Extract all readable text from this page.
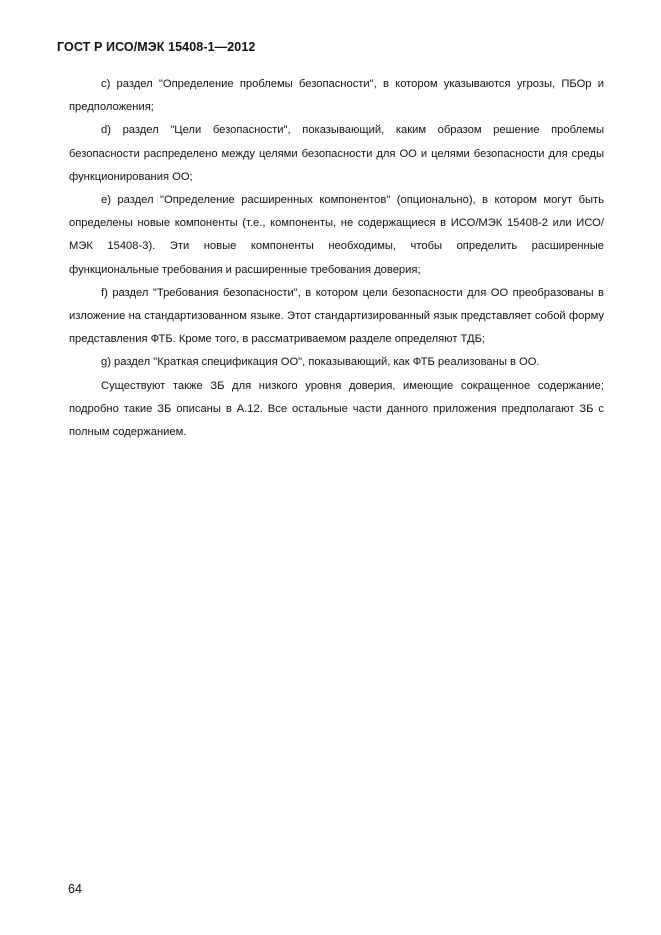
ГОСТ Р ИСО/МЭК 15408-1—2012

c) раздел "Определение проблемы безопасности", в котором указываются угрозы, ПБОр и предположения;

d) раздел "Цели безопасности", показывающий, каким образом решение проблемы безопасности распределено между целями безопасности для ОО и целями безопасности для среды функционирования ОО;

e) раздел "Определение расширенных компонентов" (опционально), в котором могут быть определены новые компоненты (т.е., компоненты, не содержащиеся в ИСО/МЭК 15408-2 или ИСО/МЭК 15408-3). Эти новые компоненты необходимы, чтобы определить расширенные функциональные требования и расширенные требования доверия;

f) раздел "Требования безопасности", в котором цели безопасности для ОО преобразованы в изложение на стандартизованном языке. Этот стандартизированный язык представляет собой форму представления ФТБ. Кроме того, в рассматриваемом разделе определяют ТДБ;

g) раздел "Краткая спецификация ОО", показывающий, как ФТБ реализованы в ОО.

Существуют также ЗБ для низкого уровня доверия, имеющие сокращенное содержание; подробно такие ЗБ описаны в А.12. Все остальные части данного приложения предполагают ЗБ с полным содержанием.

64
